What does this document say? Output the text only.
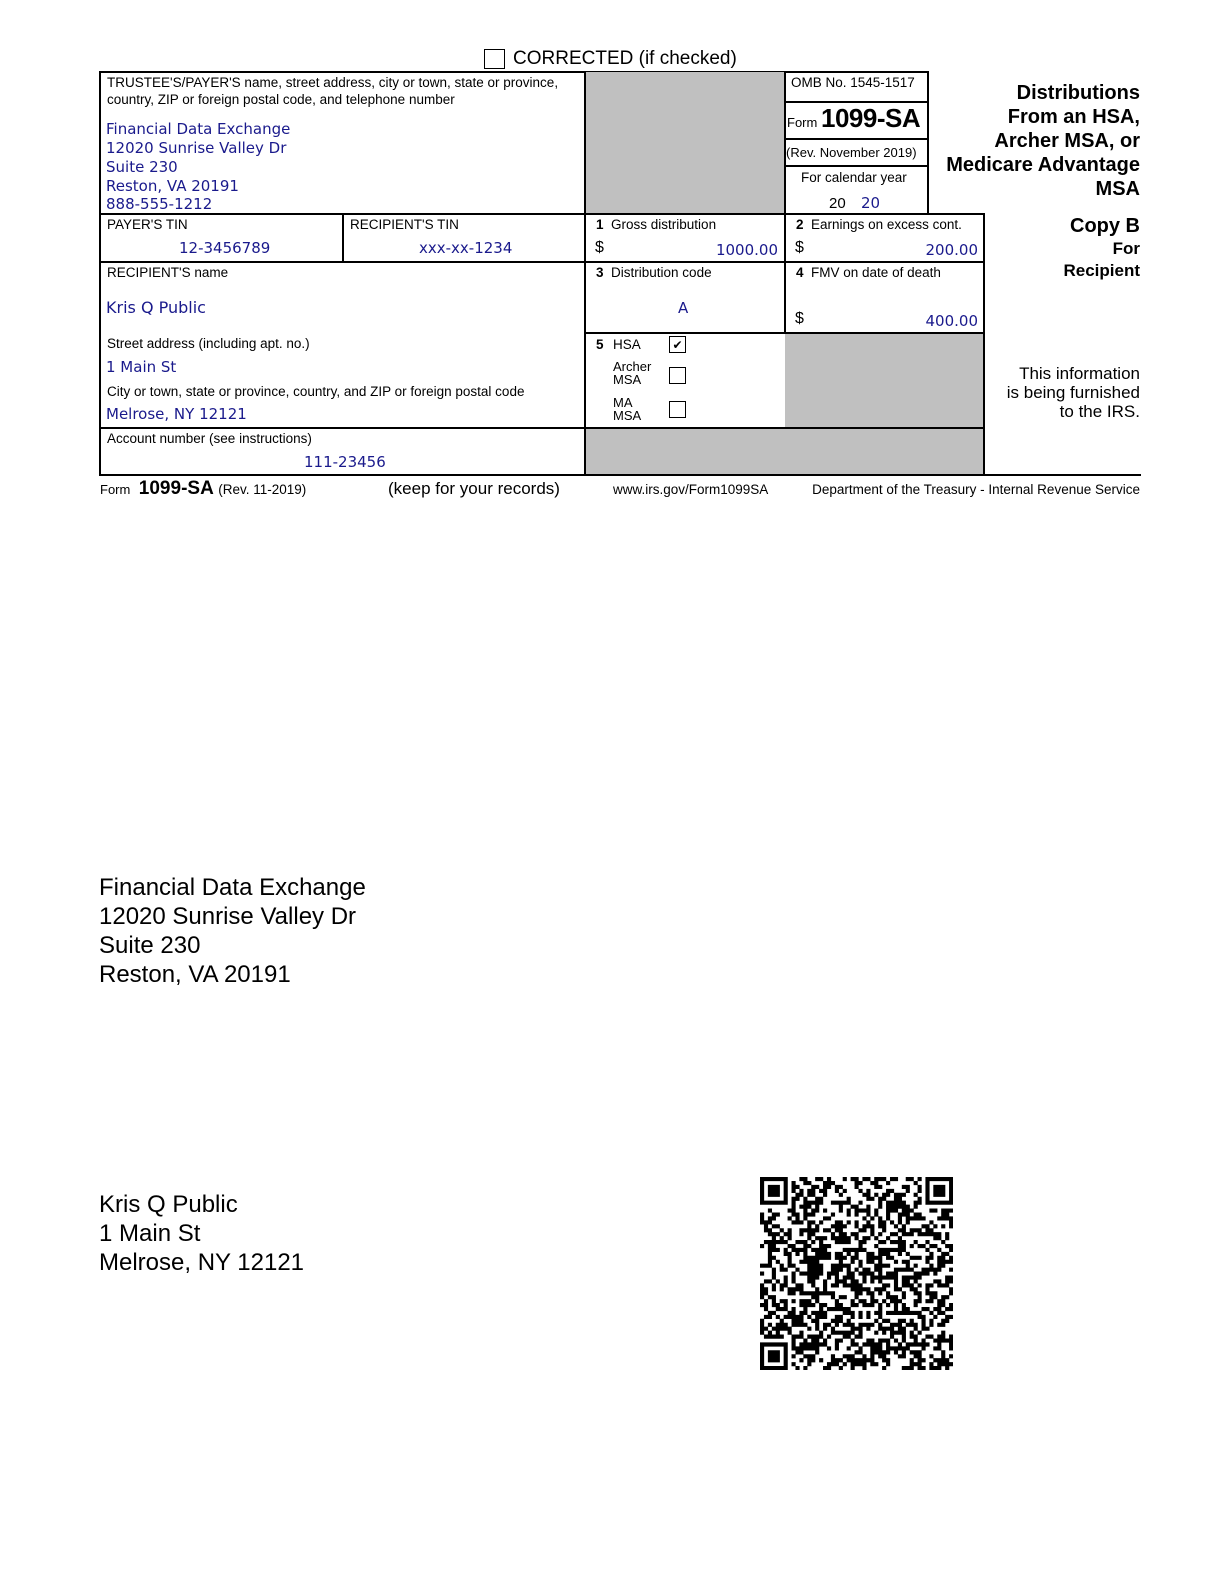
CORRECTED (if checked)
TRUSTEE'S/PAYER'S name, street address, city or town, state or province,
country, ZIP or foreign postal code, and telephone number
Financial Data Exchange
12020 Sunrise Valley Dr
Suite 230
Reston, VA 20191
888-555-1212
OMB No. 1545-1517
Form 1099-SA
(Rev. November 2019)
For calendar year
20 20
Distributions
From an HSA,
Archer MSA, or
Medicare Advantage
MSA
PAYER'S TIN
12-3456789
RECIPIENT'S TIN
xxx-xx-1234
1 Gross distribution
$	1000.00
2 Earnings on excess cont.
$	200.00
RECIPIENT'S name
Kris Q Public
3 Distribution code
A
4 FMV on date of death
$	400.00
Street address (including apt. no.)
1 Main St
City or town, state or province, country, and ZIP or foreign postal code
Melrose, NY 12121
5 HSA	✔
Archer
MSA
MA
MSA
Account number (see instructions)
111-23456
Copy B
For
Recipient
This information
is being furnished
to the IRS.
Form 1099-SA (Rev. 11-2019)	(keep for your records)	www.irs.gov/Form1099SA	Department of the Treasury - Internal Revenue Service
Financial Data Exchange
12020 Sunrise Valley Dr
Suite 230
Reston, VA 20191
Kris Q Public
1 Main St
Melrose, NY 12121
